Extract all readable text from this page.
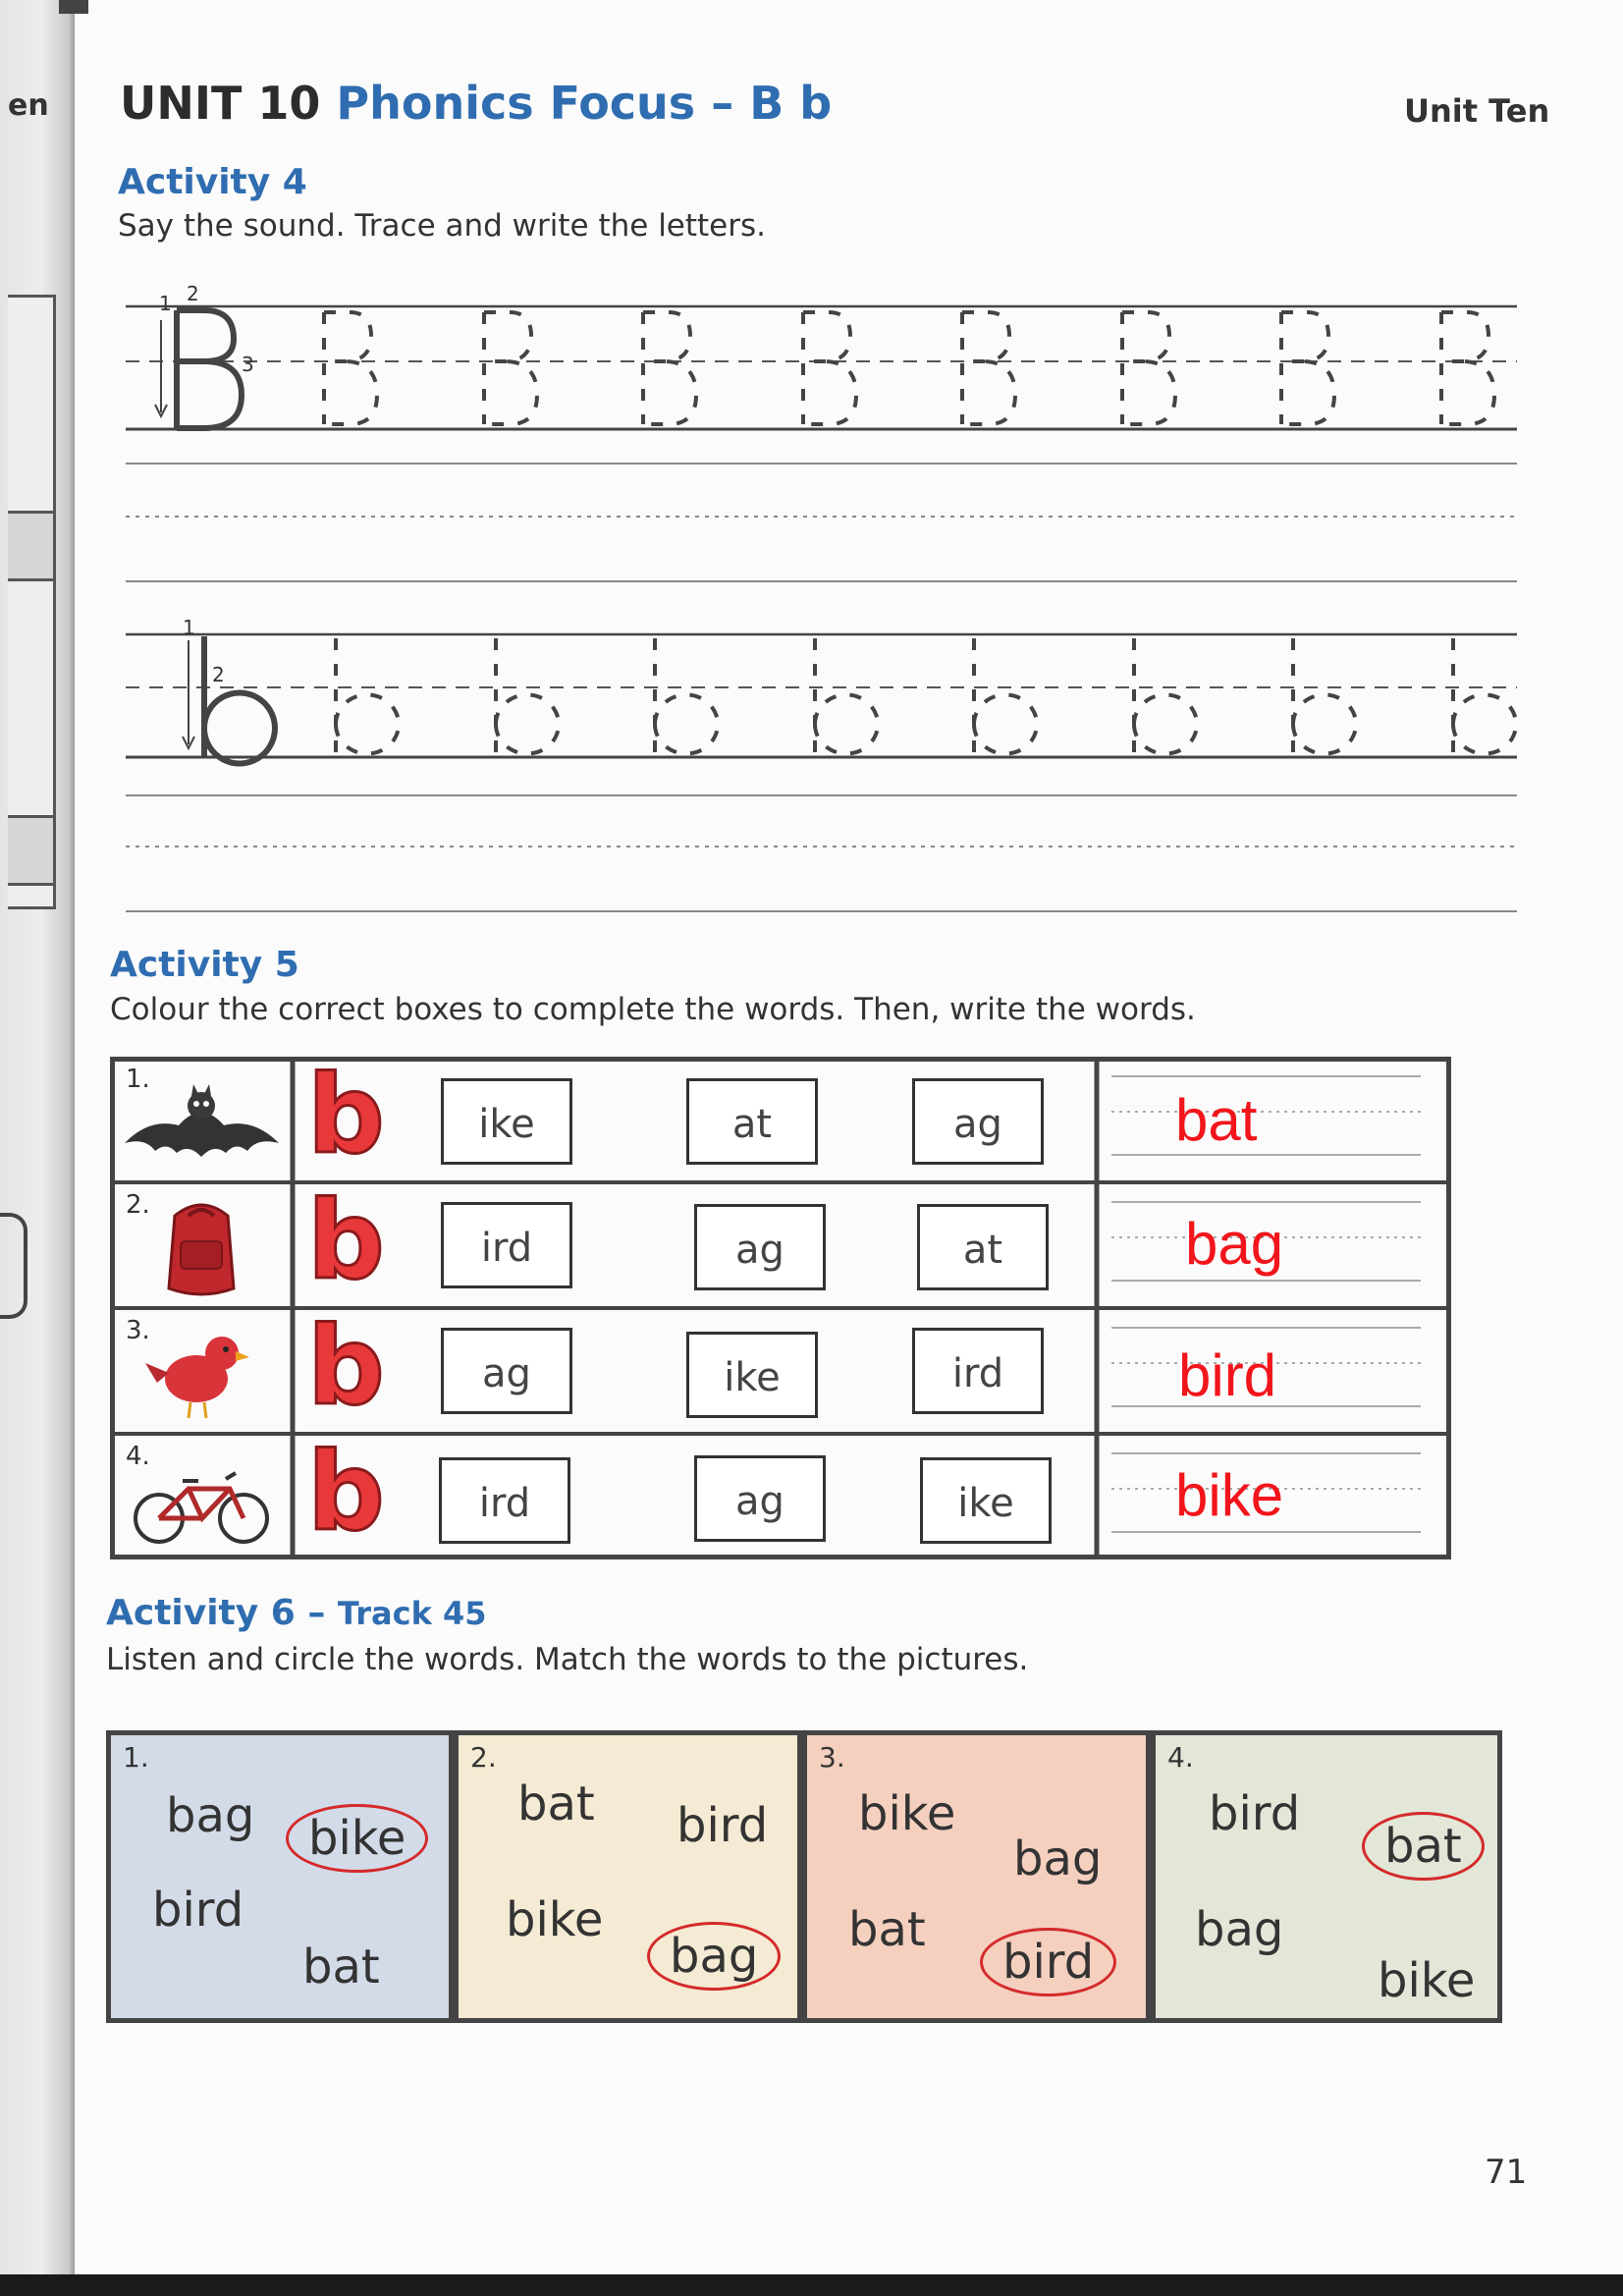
en UNIT 10 Phonics Focus – B b	Unit Ten
Activity 4
Say the sound. Trace and write the letters.
2
1
3
1
2
Activity 5
Colour the correct boxes to complete the words. Then, write the words.
1. b	ike	at	ag	bat
2. b	ird	ag	at	bag
3. b	ag	ike	ird	bird
4. b	ird	ag	ike	bike
Activity 6 – Track 45
Listen and circle the words. Match the words to the pictures.
1.
bag	bike
bird
bat
2.
bat bird
bike
bag
3.
bike
bag
bat
bird
4.
bird
bat
bag
bike
71
